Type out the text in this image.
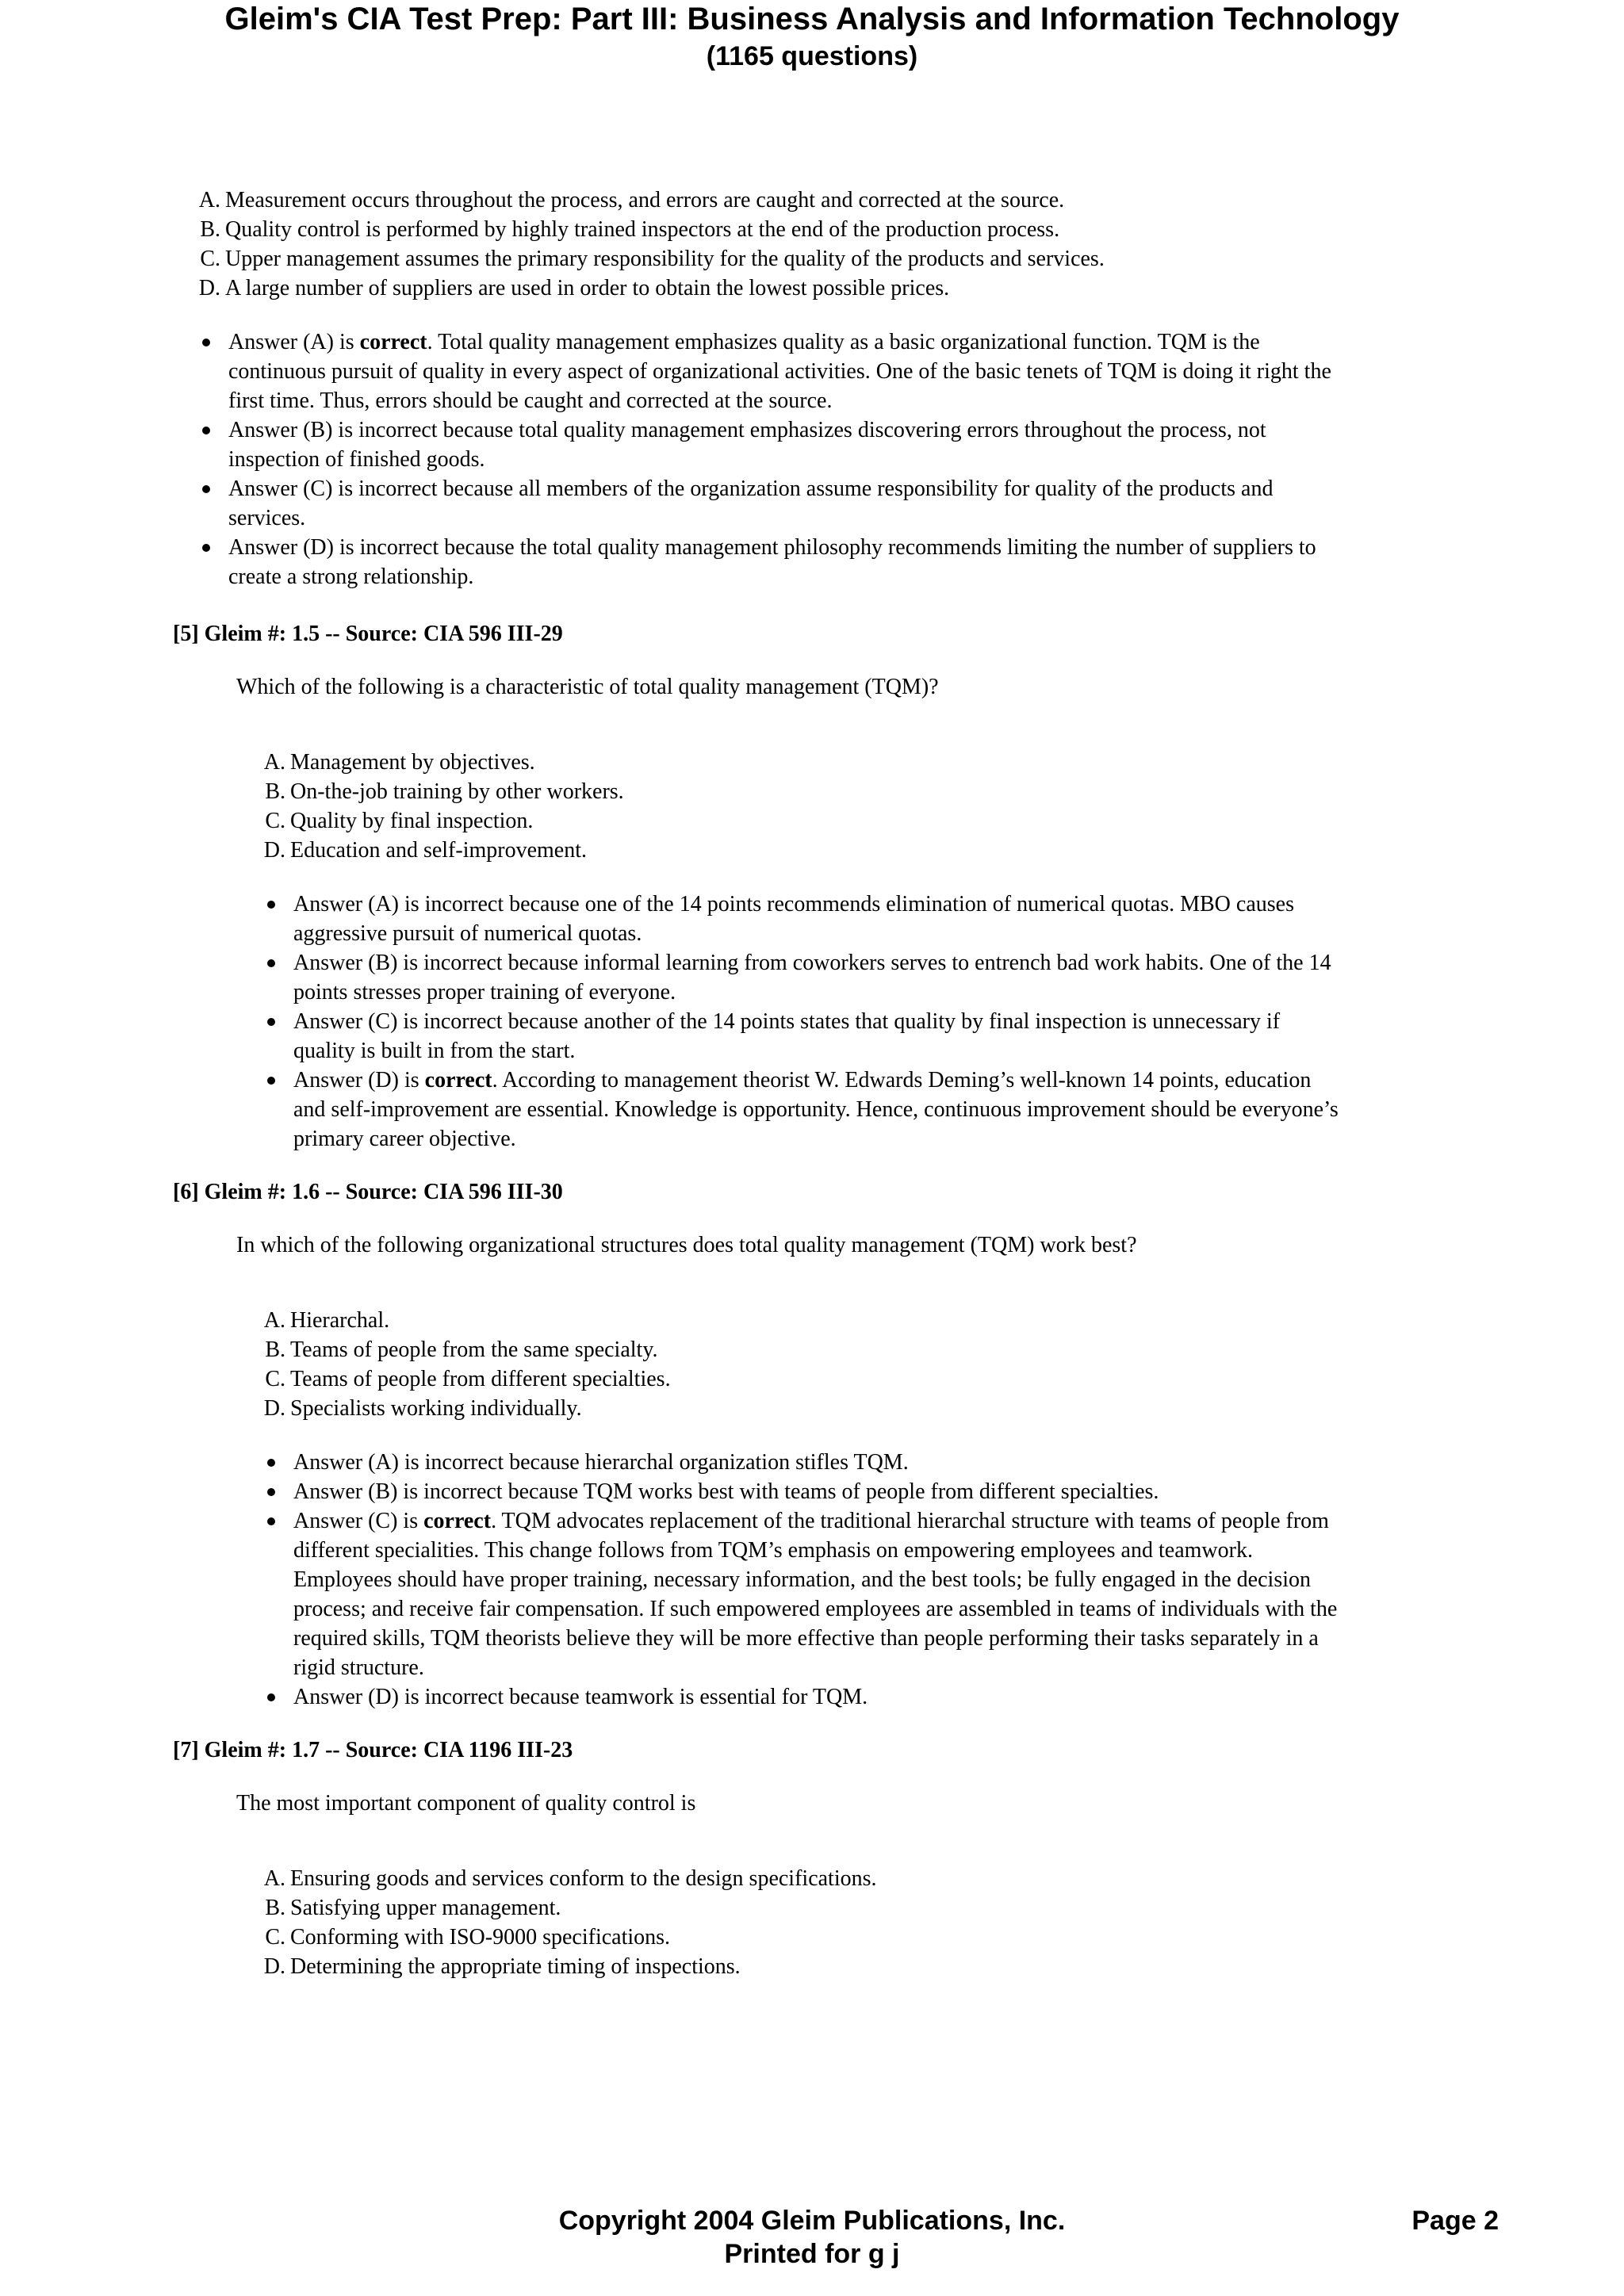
Gleim's CIA Test Prep: Part III: Business Analysis and Information Technology
(1165 questions)
A. Measurement occurs throughout the process, and errors are caught and corrected at the source.
B. Quality control is performed by highly trained inspectors at the end of the production process.
C. Upper management assumes the primary responsibility for the quality of the products and services.
D. A large number of suppliers are used in order to obtain the lowest possible prices.
Answer (A) is correct. Total quality management emphasizes quality as a basic organizational function. TQM is the
continuous pursuit of quality in every aspect of organizational activities. One of the basic tenets of TQM is doing it right the
first time. Thus, errors should be caught and corrected at the source.
Answer (B) is incorrect because total quality management emphasizes discovering errors throughout the process, not
inspection of finished goods.
Answer (C) is incorrect because all members of the organization assume responsibility for quality of the products and
services.
Answer (D) is incorrect because the total quality management philosophy recommends limiting the number of suppliers to
create a strong relationship.
[5] Gleim #: 1.5 -- Source: CIA 596 III-29
Which of the following is a characteristic of total quality management (TQM)?
A. Management by objectives.
B. On-the-job training by other workers.
C. Quality by final inspection.
D. Education and self-improvement.
Answer (A) is incorrect because one of the 14 points recommends elimination of numerical quotas. MBO causes
aggressive pursuit of numerical quotas.
Answer (B) is incorrect because informal learning from coworkers serves to entrench bad work habits. One of the 14
points stresses proper training of everyone.
Answer (C) is incorrect because another of the 14 points states that quality by final inspection is unnecessary if
quality is built in from the start.
Answer (D) is correct. According to management theorist W. Edwards Deming’s well-known 14 points, education
and self-improvement are essential. Knowledge is opportunity. Hence, continuous improvement should be everyone’s
primary career objective.
[6] Gleim #: 1.6 -- Source: CIA 596 III-30
In which of the following organizational structures does total quality management (TQM) work best?
A. Hierarchal.
B. Teams of people from the same specialty.
C. Teams of people from different specialties.
D. Specialists working individually.
Answer (A) is incorrect because hierarchal organization stifles TQM.
Answer (B) is incorrect because TQM works best with teams of people from different specialties.
Answer (C) is correct. TQM advocates replacement of the traditional hierarchal structure with teams of people from
different specialities. This change follows from TQM’s emphasis on empowering employees and teamwork.
Employees should have proper training, necessary information, and the best tools; be fully engaged in the decision
process; and receive fair compensation. If such empowered employees are assembled in teams of individuals with the
required skills, TQM theorists believe they will be more effective than people performing their tasks separately in a
rigid structure.
Answer (D) is incorrect because teamwork is essential for TQM.
[7] Gleim #: 1.7 -- Source: CIA 1196 III-23
The most important component of quality control is
A. Ensuring goods and services conform to the design specifications.
B. Satisfying upper management.
C. Conforming with ISO-9000 specifications.
D. Determining the appropriate timing of inspections.
Copyright 2004 Gleim Publications, Inc.
Printed for g j
Page 2
